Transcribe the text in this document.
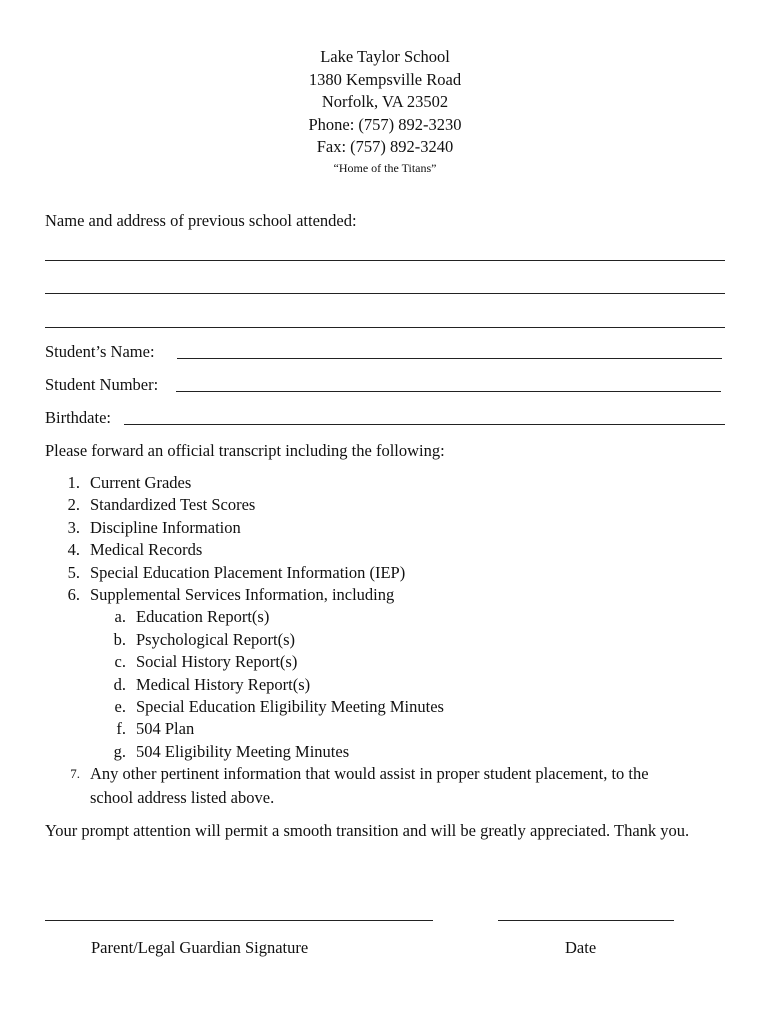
Lake Taylor School
1380 Kempsville Road
Norfolk, VA 23502
Phone: (757) 892-3230
Fax: (757) 892-3240
“Home of the Titans”
Name and address of previous school attended:
Student’s Name:
Student Number:
Birthdate:
Please forward an official transcript including the following:
1. Current Grades
2. Standardized Test Scores
3. Discipline Information
4. Medical Records
5. Special Education Placement Information (IEP)
6. Supplemental Services Information, including
a. Education Report(s)
b. Psychological Report(s)
c. Social History Report(s)
d. Medical History Report(s)
e. Special Education Eligibility Meeting Minutes
f. 504 Plan
g. 504 Eligibility Meeting Minutes
7. Any other pertinent information that would assist in proper student placement, to the
school address listed above.
Your prompt attention will permit a smooth transition and will be greatly appreciated. Thank you.
Parent/Legal Guardian Signature	Date
